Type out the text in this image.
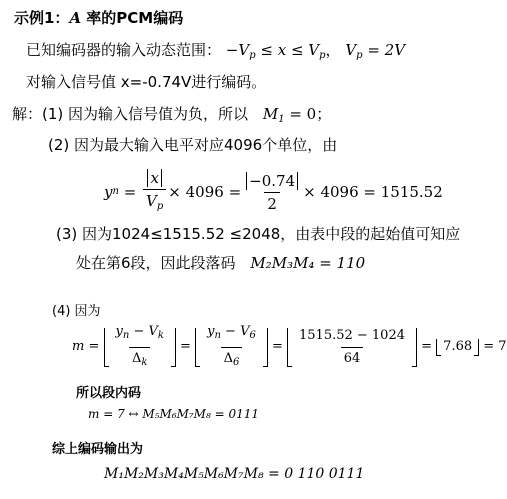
示例1：A 率的PCM编码
已知编码器的输入动态范围： $-V_p \le x \le V_p$， $V_p = 2V$
对输入信号值 x=-0.74V进行编码。
解：(1) 因为输入信号值为负，所以 $M_1 = 0$；
(2) 因为最大输入电平对应4096个单位，由
y $n = \frac{x}{V_p} \times 4096 = \frac{-0.74}{2} \times 4096 = 1515.52$
(3) 因为1024≤1515.52 ≤2048，由表中段的起始值可知应
处在第6段，因此段落码 M₂M₃M₄ = 110
(4) 因为
m =
$\frac{y_n - V_k}{\Delta_k} = \frac{y_n - V_6}{\Delta_6} = \frac{1515.52 - 1024}{64} = 7.68$
= 7
所以段内码
m = 7 ↔ M₅M₆M₇M₈ = 0111
综上编码输出为
M₁M₂M₃M₄M₅M₆M₇M₈ = 0 110 0111
